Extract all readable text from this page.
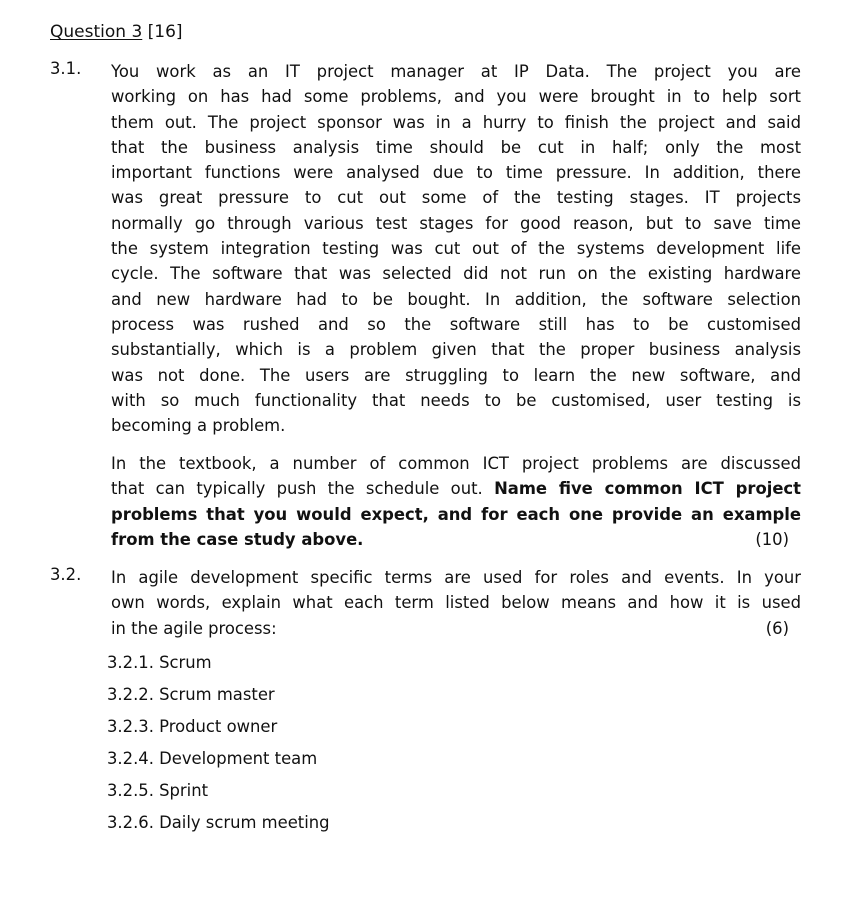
Question 3 [16]
3.1. You work as an IT project manager at IP Data. The project you are
working on has had some problems, and you were brought in to help sort
them out. The project sponsor was in a hurry to finish the project and said
that the business analysis time should be cut in half; only the most
important functions were analysed due to time pressure. In addition, there
was great pressure to cut out some of the testing stages. IT projects
normally go through various test stages for good reason, but to save time
the system integration testing was cut out of the systems development life
cycle. The software that was selected did not run on the existing hardware
and new hardware had to be bought. In addition, the software selection
process was rushed and so the software still has to be customised
substantially, which is a problem given that the proper business analysis
was not done. The users are struggling to learn the new software, and
with so much functionality that needs to be customised, user testing is
becoming a problem.
In the textbook, a number of common ICT project problems are discussed
that can typically push the schedule out. Name five common ICT project
problems that you would expect, and for each one provide an example
from the case study above.	(10)
3.2. In agile development specific terms are used for roles and events. In your
own words, explain what each term listed below means and how it is used
in the agile process:	(6)
3.2.1. Scrum
3.2.2. Scrum master
3.2.3. Product owner
3.2.4. Development team
3.2.5. Sprint
3.2.6. Daily scrum meeting
